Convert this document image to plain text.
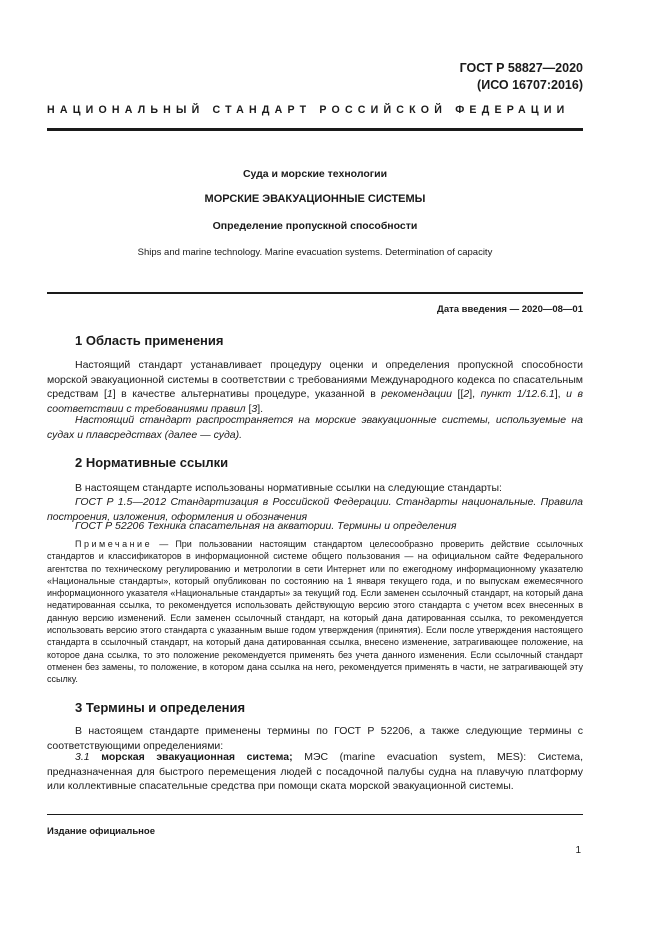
ГОСТ Р 58827—2020
(ИСО 16707:2016)
НАЦИОНАЛЬНЫЙ СТАНДАРТ РОССИЙСКОЙ ФЕДЕРАЦИИ
Суда и морские технологии
МОРСКИЕ ЭВАКУАЦИОННЫЕ СИСТЕМЫ
Определение пропускной способности
Ships and marine technology. Marine evacuation systems. Determination of capacity
Дата введения — 2020—08—01
1 Область применения
Настоящий стандарт устанавливает процедуру оценки и определения пропускной способности морской эвакуационной системы в соответствии с требованиями Международного кодекса по спасательным средствам [1] в качестве альтернативы процедуре, указанной в рекомендации [[2], пункт 1/12.6.1], и в соответствии с требованиями правил [3].
Настоящий стандарт распространяется на морские эвакуационные системы, используемые на судах и плавсредствах (далее — суда).
2 Нормативные ссылки
В настоящем стандарте использованы нормативные ссылки на следующие стандарты:
ГОСТ Р 1.5—2012 Стандартизация в Российской Федерации. Стандарты национальные. Правила построения, изложения, оформления и обозначения
ГОСТ Р 52206 Техника спасательная на акватории. Термины и определения
Примечание — При пользовании настоящим стандартом целесообразно проверить действие ссылочных стандартов и классификаторов в информационной системе общего пользования — на официальном сайте Федерального агентства по техническому регулированию и метрологии в сети Интернет или по ежегодному информационному указателю «Национальные стандарты», который опубликован по состоянию на 1 января текущего года, и по выпускам ежемесячного информационного указателя «Национальные стандарты» за текущий год. Если заменен ссылочный стандарт, на который дана недатированная ссылка, то рекомендуется использовать действующую версию этого стандарта с учетом всех внесенных в данную версию изменений. Если заменен ссылочный стандарт, на который дана датированная ссылка, то рекомендуется использовать версию этого стандарта с указанным выше годом утверждения (принятия). Если после утверждения настоящего стандарта в ссылочный стандарт, на который дана датированная ссылка, внесено изменение, затрагивающее положение, на которое дана ссылка, то это положение рекомендуется применять без учета данного изменения. Если ссылочный стандарт отменен без замены, то положение, в котором дана ссылка на него, рекомендуется применять в части, не затрагивающей эту ссылку.
3 Термины и определения
В настоящем стандарте применены термины по ГОСТ Р 52206, а также следующие термины с соответствующими определениями:
3.1 морская эвакуационная система; МЭС (marine evacuation system, MES): Система, предназначенная для быстрого перемещения людей с посадочной палубы судна на плавучую платформу или коллективные спасательные средства при помощи ската морской эвакуационной системы.
Издание официальное
1
